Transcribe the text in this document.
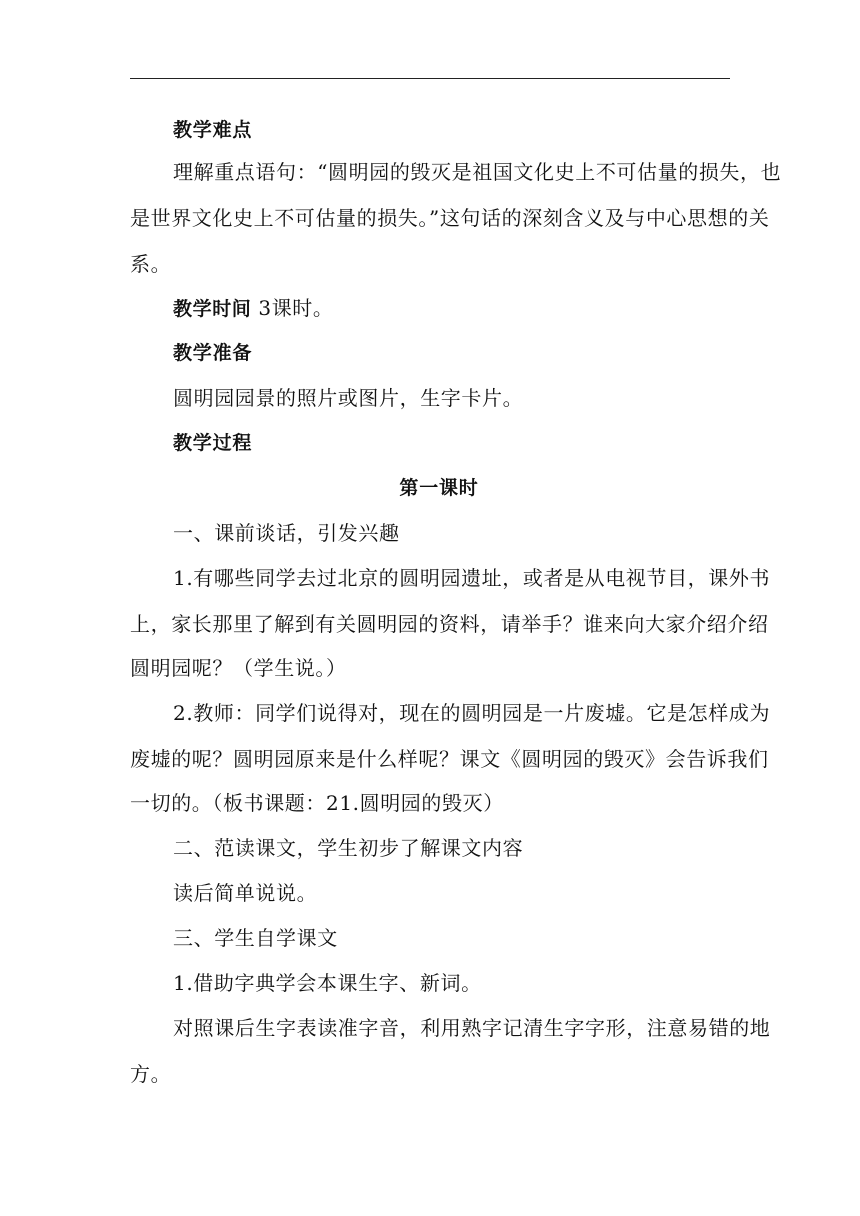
教学难点
理解重点语句：“圆明园的毁灭是祖国文化史上不可估量的损失，也
是世界文化史上不可估量的损失。”这句话的深刻含义及与中心思想的关
系。
教学时间 3课时。
教学准备
圆明园园景的照片或图片，生字卡片。
教学过程
第一课时
一、课前谈话，引发兴趣
1.有哪些同学去过北京的圆明园遗址，或者是从电视节目，课外书
上，家长那里了解到有关圆明园的资料，请举手？谁来向大家介绍介绍
圆明园呢？（学生说。）
2.教师：同学们说得对，现在的圆明园是一片废墟。它是怎样成为
废墟的呢？圆明园原来是什么样呢？课文《圆明园的毁灭》会告诉我们
一切的。（板书课题：21.圆明园的毁灭）
二、范读课文，学生初步了解课文内容
读后简单说说。
三、学生自学课文
1.借助字典学会本课生字、新词。
对照课后生字表读准字音，利用熟字记清生字字形，注意易错的地
方。
